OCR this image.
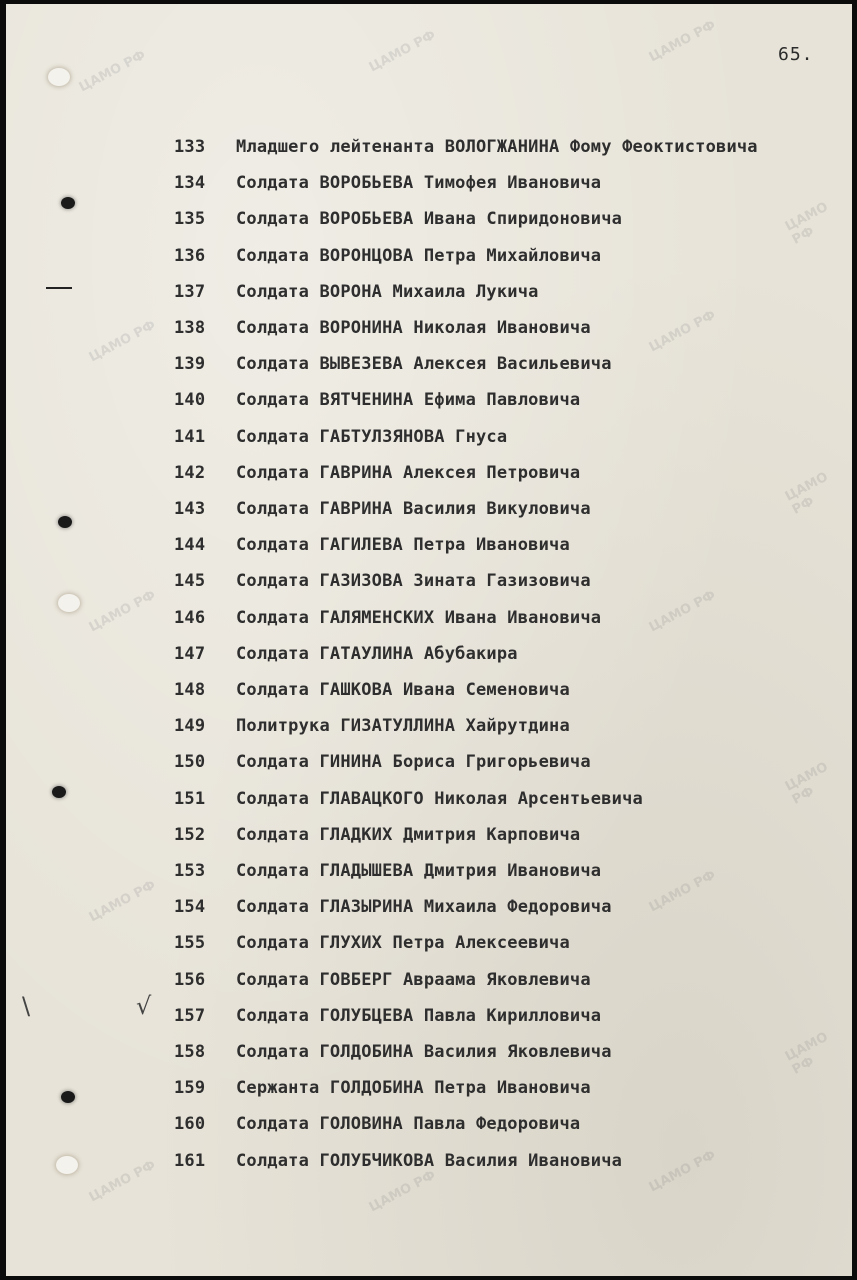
65.
ЦАМО РФ	ЦАМО РФ	ЦАМО РФ
ЦАМО РФ
ЦАМО РФ	ЦАМО РФ
ЦАМО РФ
ЦАМО РФ	ЦАМО РФ
ЦАМО РФ
ЦАМО РФ	ЦАМО РФ
ЦАМО РФ
ЦАМО РФ	ЦАМО РФ	ЦАМО РФ
\	√
133	Младшего лейтенанта ВОЛОГЖАНИНА Фому Феоктистовича
134	Солдата ВОРОБЬЕВА Тимофея Ивановича
135	Солдата ВОРОБЬЕВА Ивана Спиридоновича
136	Солдата ВОРОНЦОВА Петра Михайловича
137	Солдата ВОРОНА Михаила Лукича
138	Солдата ВОРОНИНА Николая Ивановича
139	Солдата ВЫВЕЗЕВА Алексея Васильевича
140	Солдата ВЯТЧЕНИНА Ефима Павловича
141	Солдата ГАБТУЛЗЯНОВА Гнуса
142	Солдата ГАВРИНА Алексея Петровича
143	Солдата ГАВРИНА Василия Викуловича
144	Солдата ГАГИЛЕВА Петра Ивановича
145	Солдата ГАЗИЗОВА Зината Газизовича
146	Солдата ГАЛЯМЕНСКИХ Ивана Ивановича
147	Солдата ГАТАУЛИНА Абубакира
148	Солдата ГАШКОВА Ивана Семеновича
149	Политрука ГИЗАТУЛЛИНА Хайрутдина
150	Солдата ГИНИНА Бориса Григорьевича
151	Солдата ГЛАВАЦКОГО Николая Арсентьевича
152	Солдата ГЛАДКИХ Дмитрия Карповича
153	Солдата ГЛАДЫШЕВА Дмитрия Ивановича
154	Солдата ГЛАЗЫРИНА Михаила Федоровича
155	Солдата ГЛУХИХ Петра Алексеевича
156	Солдата ГОВБЕРГ Авраама Яковлевича
157	Солдата ГОЛУБЦЕВА Павла Кирилловича
158	Солдата ГОЛДОБИНА Василия Яковлевича
159	Сержанта ГОЛДОБИНА Петра Ивановича
160	Солдата ГОЛОВИНА Павла Федоровича
161	Солдата ГОЛУБЧИКОВА Василия Ивановича
